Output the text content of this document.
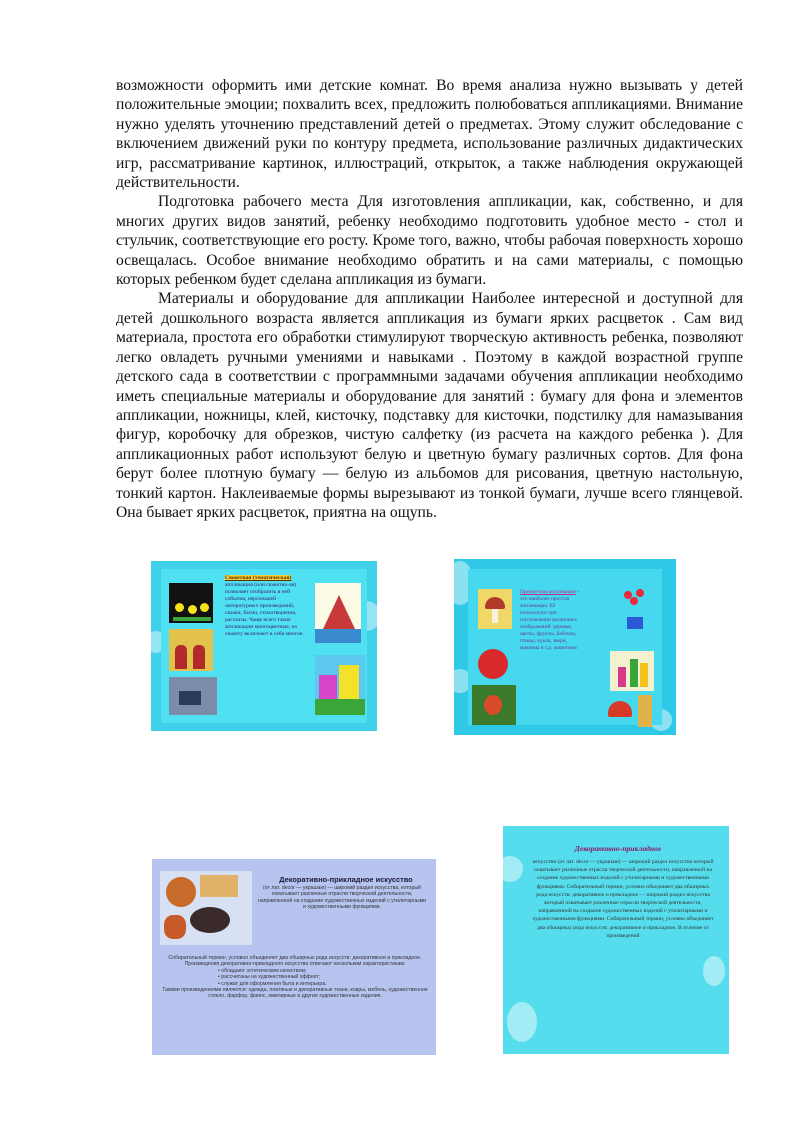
возможности оформить ими детские комнат. Во время анализа нужно вызывать у детей положительные эмоции; похвалить всех, предложить полюбоваться аппликациями. Внимание нужно уделять уточнению представлений детей о предметах. Этому служит обследование с включением движений руки по контуру предмета, использование различных дидактических игр, рассматривание картинок, иллюстраций, открыток, а также наблюдения окружающей действительности.

Подготовка рабочего места Для изготовления аппликации, как, собственно, и для многих других видов занятий, ребенку необходимо подготовить удобное место - стол и стульчик, соответствующие его росту. Кроме того, важно, чтобы рабочая поверхность хорошо освещалась. Особое внимание необходимо обратить и на сами материалы, с помощью которых ребенком будет сделана аппликация из бумаги.

Материалы и оборудование для аппликации Наиболее интересной и доступной для детей дошкольного возраста является аппликация из бумаги ярких расцветок . Сам вид материала, простота его обработки стимулируют творческую активность ребенка, позволяют легко овладеть ручными умениями и навыками . Поэтому в каждой возрастной группе детского сада в соответствии с программными задачами обучения аппликации необходимо иметь специальные материалы и оборудование для занятий : бумагу для фона и элементов аппликации, ножницы, клей, кисточку, подставку для кисточки, подстилку для намазывания фигур, коробочку для обрезков, чистую салфетку (из расчета на каждого ребенка ). Для аппликационных работ используют белую и цветную бумагу различных сортов. Для фона берут более плотную бумагу — белую из альбомов для рисования, цветную настольную, тонкий картон. Наклеиваемые формы вырезывают из тонкой бумаги, лучше всего глянцевой. Она бывает ярких расцветок, приятна на ощупь.

Сюжетная (тематическая) аппликация (или сюжетно-ая) позволяет отобразить в ней события, персонажей литературных произведений, сказки, басни, стихотворения, рассказы. Чаще всего такие аппликации многоцветные, по сюжету включают в себя многое.
Предметная аппликация – это наиболее простая аппликация. Её используют при изготовлении различных изображений: деревья, цветы, фрукты, бабочки, птицы, кукла, звери, машины и т.д. животные.
Декоративно-прикладное искусство
(от лат. decor — украшаю) — широкий раздел искусства, который охватывает различные отрасли творческой деятельности, направленной на создание художественных изделий с утилитарными и художественными функциями.
Собирательный термин, условно объединяет два обширных рода искусств: декоративное и прикладное.
Произведения декоративно-прикладного искусства отвечают нескольким характеристикам:
• обладают эстетическим качеством;
• рассчитаны на художественный эффект;
• служат для оформления быта и интерьера.
Такими произведениями являются: одежда, платяные и декоративные ткани, ковры, мебель, художественное стекло, фарфор, фаянс, ювелирные и другие художественные изделия.
Декоративно-прикладное
искусство (от лат. decor — украшаю) — широкий раздел искусства который охватывает различные отрасли творческой деятельности, направленной на создание художественных изделий с утилитарными и художественными функциями. Собирательный термин, условно объединяет два обширных рода искусств: декоративное и прикладное — широкий раздел искусства который охватывает различные отрасли творческой деятельности, направленной на создание художественных изделий с утилитарными и художественными функциями. Собирательный термин, условно объединяет два обширных рода искусств: декоративное и прикладное. В отличие от произведений
